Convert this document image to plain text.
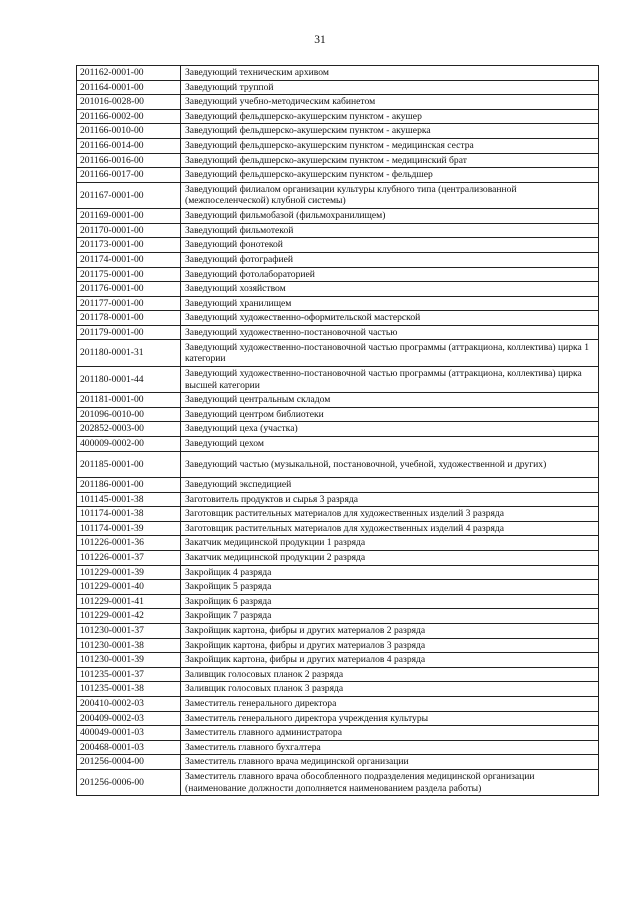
31
201162-0001-00	Заведующий техническим архивом
201164-0001-00	Заведующий труппой
201016-0028-00	Заведующий учебно-методическим кабинетом
201166-0002-00	Заведующий фельдшерско-акушерским пунктом - акушер
201166-0010-00	Заведующий фельдшерско-акушерским пунктом - акушерка
201166-0014-00	Заведующий фельдшерско-акушерским пунктом - медицинская сестра
201166-0016-00	Заведующий фельдшерско-акушерским пунктом - медицинский брат
201166-0017-00	Заведующий фельдшерско-акушерским пунктом - фельдшер
201167-0001-00	Заведующий филиалом организации культуры клубного типа (централизованной (межпоселенческой) клубной системы)
201169-0001-00	Заведующий фильмобазой (фильмохранилищем)
201170-0001-00	Заведующий фильмотекой
201173-0001-00	Заведующий фонотекой
201174-0001-00	Заведующий фотографией
201175-0001-00	Заведующий фотолабораторией
201176-0001-00	Заведующий хозяйством
201177-0001-00	Заведующий хранилищем
201178-0001-00	Заведующий художественно-оформительской мастерской
201179-0001-00	Заведующий художественно-постановочной частью
201180-0001-31	Заведующий художественно-постановочной частью программы (аттракциона, коллектива) цирка 1 категории
201180-0001-44	Заведующий художественно-постановочной частью программы (аттракциона, коллектива) цирка высшей категории
201181-0001-00	Заведующий центральным складом
201096-0010-00	Заведующий центром библиотеки
202852-0003-00	Заведующий цеха (участка)
400009-0002-00	Заведующий цехом
201185-0001-00	Заведующий частью (музыкальной, постановочной, учебной, художественной и других)
201186-0001-00	Заведующий экспедицией
101145-0001-38	Заготовитель продуктов и сырья 3 разряда
101174-0001-38	Заготовщик растительных материалов для художественных изделий 3 разряда
101174-0001-39	Заготовщик растительных материалов для художественных изделий 4 разряда
101226-0001-36	Закатчик медицинской продукции 1 разряда
101226-0001-37	Закатчик медицинской продукции 2 разряда
101229-0001-39	Закройщик 4 разряда
101229-0001-40	Закройщик 5 разряда
101229-0001-41	Закройщик 6 разряда
101229-0001-42	Закройщик 7 разряда
101230-0001-37	Закройщик картона, фибры и других материалов 2 разряда
101230-0001-38	Закройщик картона, фибры и других материалов 3 разряда
101230-0001-39	Закройщик картона, фибры и других материалов 4 разряда
101235-0001-37	Заливщик голосовых планок 2 разряда
101235-0001-38	Заливщик голосовых планок 3 разряда
200410-0002-03	Заместитель генерального директора
200409-0002-03	Заместитель генерального директора учреждения культуры
400049-0001-03	Заместитель главного администратора
200468-0001-03	Заместитель главного бухгалтера
201256-0004-00	Заместитель главного врача медицинской организации
201256-0006-00	Заместитель главного врача обособленного подразделения медицинской организации (наименование должности дополняется наименованием раздела работы)
